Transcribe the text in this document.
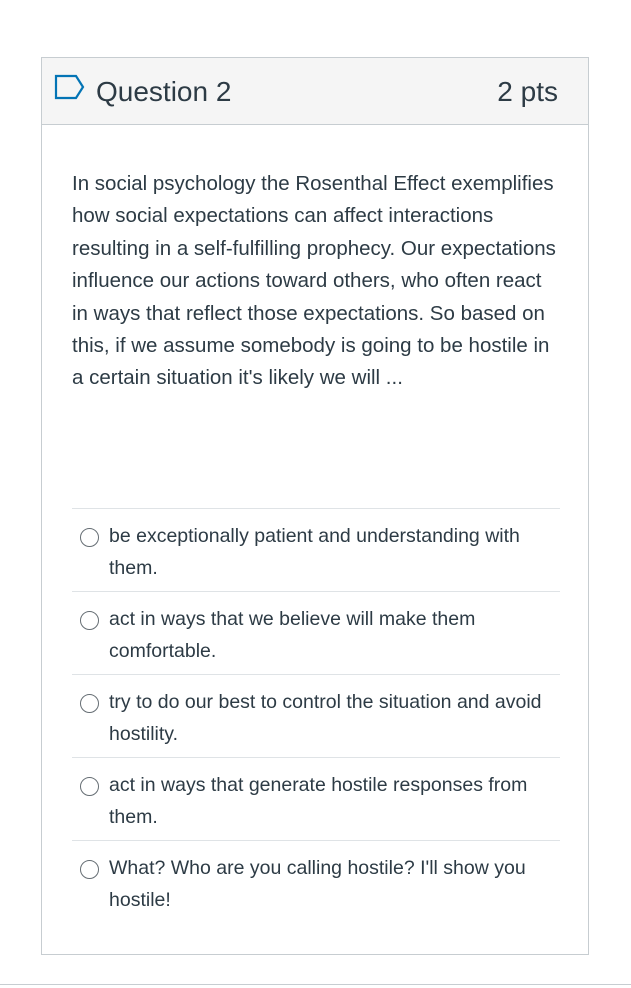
Question 2	2 pts
In social psychology the Rosenthal Effect exemplifies how social expectations can affect interactions resulting in a self-fulfilling prophecy. Our expectations influence our actions toward others, who often react in ways that reflect those expectations. So based on this, if we assume somebody is going to be hostile in a certain situation it's likely we will ...
be exceptionally patient and understanding with them.
act in ways that we believe will make them comfortable.
try to do our best to control the situation and avoid hostility.
act in ways that generate hostile responses from them.
What? Who are you calling hostile? I'll show you hostile!
